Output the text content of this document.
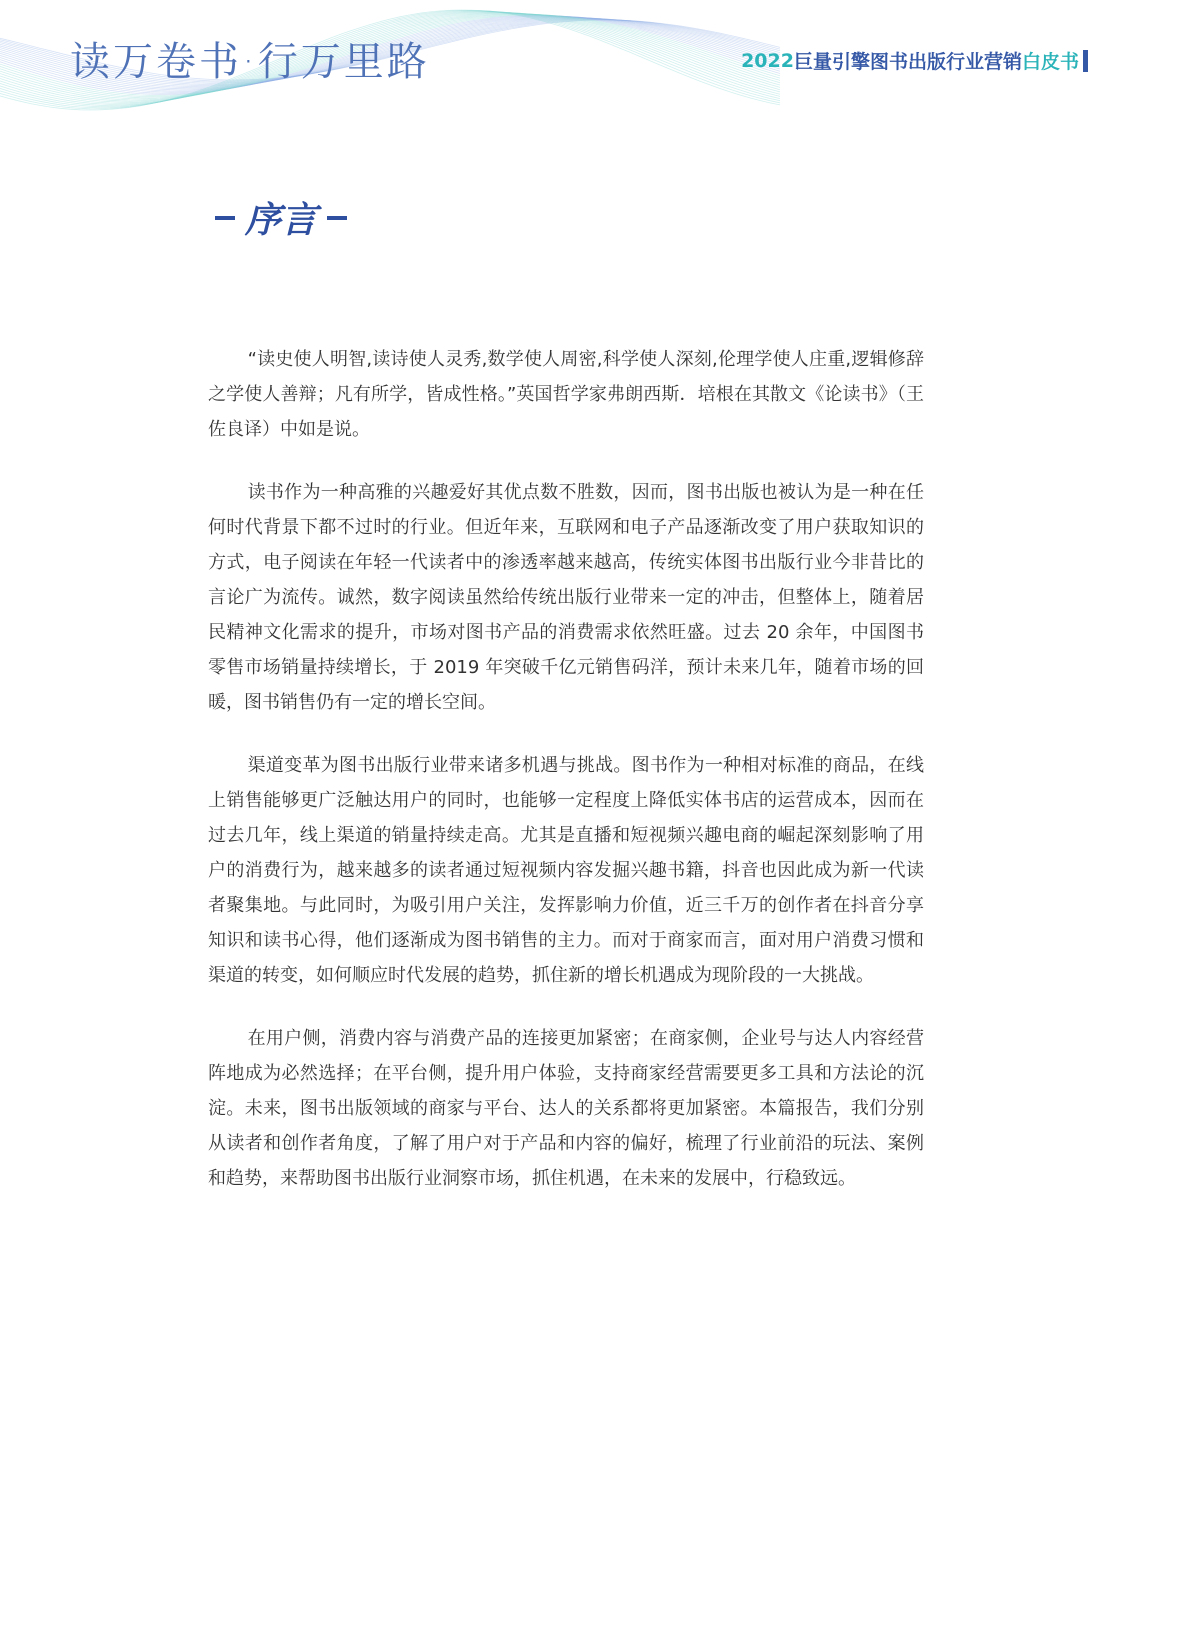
读万卷书·行万里路	2022 巨量引擎图书出版行业营销 白皮书
序言

“读史使人明智,读诗使人灵秀,数学使人周密,科学使人深刻,伦理学使人庄重,逻辑修辞之学使人善辩；凡有所学，皆成性格。”英国哲学家弗朗西斯．培根在其散文《论读书》（王佐良译）中如是说。

读书作为一种高雅的兴趣爱好其优点数不胜数，因而，图书出版也被认为是一种在任何时代背景下都不过时的行业。但近年来，互联网和电子产品逐渐改变了用户获取知识的方式，电子阅读在年轻一代读者中的渗透率越来越高，传统实体图书出版行业今非昔比的言论广为流传。诚然，数字阅读虽然给传统出版行业带来一定的冲击，但整体上，随着居民精神文化需求的提升，市场对图书产品的消费需求依然旺盛。过去 20 余年，中国图书零售市场销量持续增长，于 2019 年突破千亿元销售码洋，预计未来几年，随着市场的回暖，图书销售仍有一定的增长空间。

渠道变革为图书出版行业带来诸多机遇与挑战。图书作为一种相对标准的商品，在线上销售能够更广泛触达用户的同时，也能够一定程度上降低实体书店的运营成本，因而在过去几年，线上渠道的销量持续走高。尤其是直播和短视频兴趣电商的崛起深刻影响了用户的消费行为，越来越多的读者通过短视频内容发掘兴趣书籍，抖音也因此成为新一代读者聚集地。与此同时，为吸引用户关注，发挥影响力价值，近三千万的创作者在抖音分享知识和读书心得，他们逐渐成为图书销售的主力。而对于商家而言，面对用户消费习惯和渠道的转变，如何顺应时代发展的趋势，抓住新的增长机遇成为现阶段的一大挑战。

在用户侧，消费内容与消费产品的连接更加紧密；在商家侧，企业号与达人内容经营阵地成为必然选择；在平台侧，提升用户体验，支持商家经营需要更多工具和方法论的沉淀。未来，图书出版领域的商家与平台、达人的关系都将更加紧密。本篇报告，我们分别从读者和创作者角度，了解了用户对于产品和内容的偏好，梳理了行业前沿的玩法、案例和趋势，来帮助图书出版行业洞察市场，抓住机遇，在未来的发展中，行稳致远。
